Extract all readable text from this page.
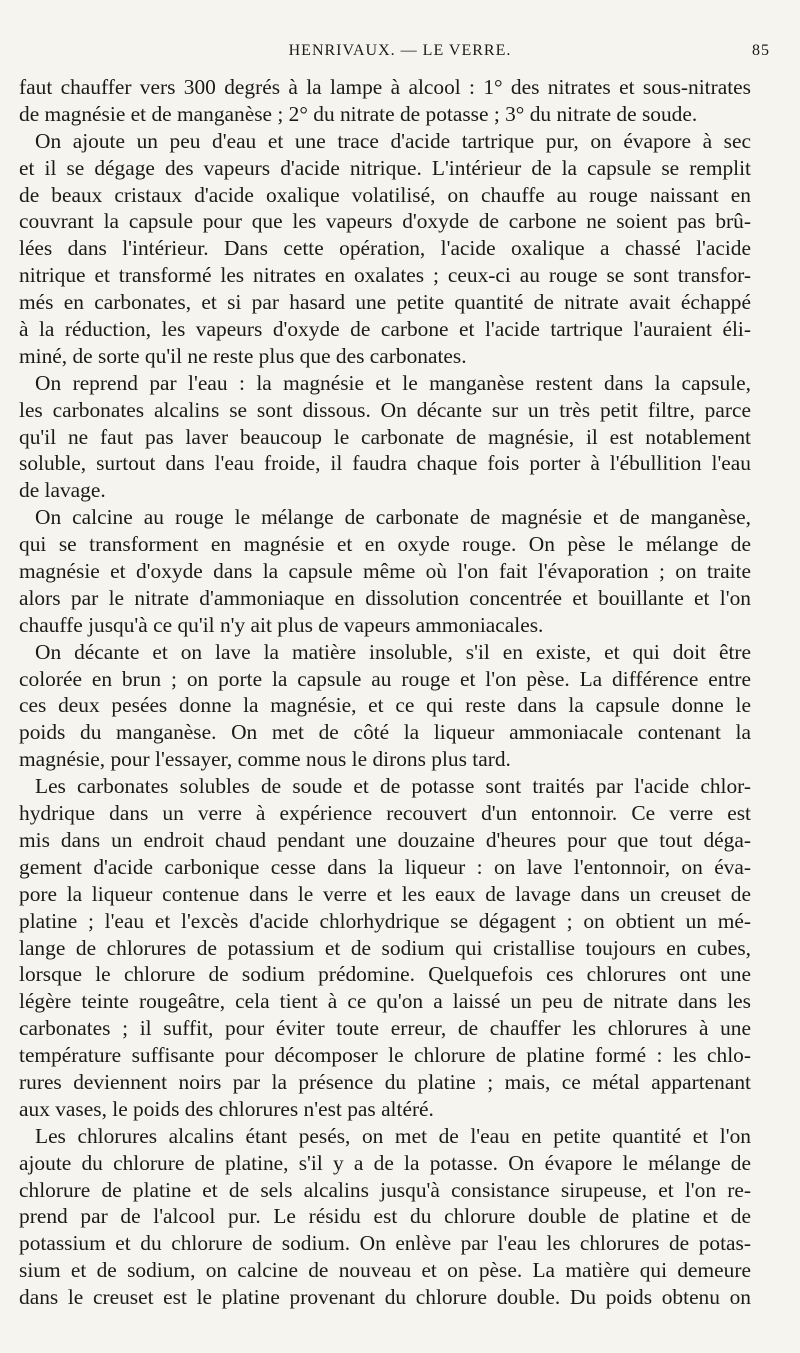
HENRIVAUX. — LE VERRE.	85
faut chauffer vers 300 degrés à la lampe à alcool : 1° des nitrates et sous-nitrates
de magnésie et de manganèse ; 2° du nitrate de potasse ; 3° du nitrate de soude.
On ajoute un peu d'eau et une trace d'acide tartrique pur, on évapore à sec
et il se dégage des vapeurs d'acide nitrique. L'intérieur de la capsule se remplit
de beaux cristaux d'acide oxalique volatilisé, on chauffe au rouge naissant en
couvrant la capsule pour que les vapeurs d'oxyde de carbone ne soient pas brû-
lées dans l'intérieur. Dans cette opération, l'acide oxalique a chassé l'acide
nitrique et transformé les nitrates en oxalates ; ceux-ci au rouge se sont transfor-
més en carbonates, et si par hasard une petite quantité de nitrate avait échappé
à la réduction, les vapeurs d'oxyde de carbone et l'acide tartrique l'auraient éli-
miné, de sorte qu'il ne reste plus que des carbonates.
On reprend par l'eau : la magnésie et le manganèse restent dans la capsule,
les carbonates alcalins se sont dissous. On décante sur un très petit filtre, parce
qu'il ne faut pas laver beaucoup le carbonate de magnésie, il est notablement
soluble, surtout dans l'eau froide, il faudra chaque fois porter à l'ébullition l'eau
de lavage.
On calcine au rouge le mélange de carbonate de magnésie et de manganèse,
qui se transforment en magnésie et en oxyde rouge. On pèse le mélange de
magnésie et d'oxyde dans la capsule même où l'on fait l'évaporation ; on traite
alors par le nitrate d'ammoniaque en dissolution concentrée et bouillante et l'on
chauffe jusqu'à ce qu'il n'y ait plus de vapeurs ammoniacales.
On décante et on lave la matière insoluble, s'il en existe, et qui doit être
colorée en brun ; on porte la capsule au rouge et l'on pèse. La différence entre
ces deux pesées donne la magnésie, et ce qui reste dans la capsule donne le
poids du manganèse. On met de côté la liqueur ammoniacale contenant la
magnésie, pour l'essayer, comme nous le dirons plus tard.
Les carbonates solubles de soude et de potasse sont traités par l'acide chlor-
hydrique dans un verre à expérience recouvert d'un entonnoir. Ce verre est
mis dans un endroit chaud pendant une douzaine d'heures pour que tout déga-
gement d'acide carbonique cesse dans la liqueur : on lave l'entonnoir, on éva-
pore la liqueur contenue dans le verre et les eaux de lavage dans un creuset de
platine ; l'eau et l'excès d'acide chlorhydrique se dégagent ; on obtient un mé-
lange de chlorures de potassium et de sodium qui cristallise toujours en cubes,
lorsque le chlorure de sodium prédomine. Quelquefois ces chlorures ont une
légère teinte rougeâtre, cela tient à ce qu'on a laissé un peu de nitrate dans les
carbonates ; il suffit, pour éviter toute erreur, de chauffer les chlorures à une
température suffisante pour décomposer le chlorure de platine formé : les chlo-
rures deviennent noirs par la présence du platine ; mais, ce métal appartenant
aux vases, le poids des chlorures n'est pas altéré.
Les chlorures alcalins étant pesés, on met de l'eau en petite quantité et l'on
ajoute du chlorure de platine, s'il y a de la potasse. On évapore le mélange de
chlorure de platine et de sels alcalins jusqu'à consistance sirupeuse, et l'on re-
prend par de l'alcool pur. Le résidu est du chlorure double de platine et de
potassium et du chlorure de sodium. On enlève par l'eau les chlorures de potas-
sium et de sodium, on calcine de nouveau et on pèse. La matière qui demeure
dans le creuset est le platine provenant du chlorure double. Du poids obtenu on
